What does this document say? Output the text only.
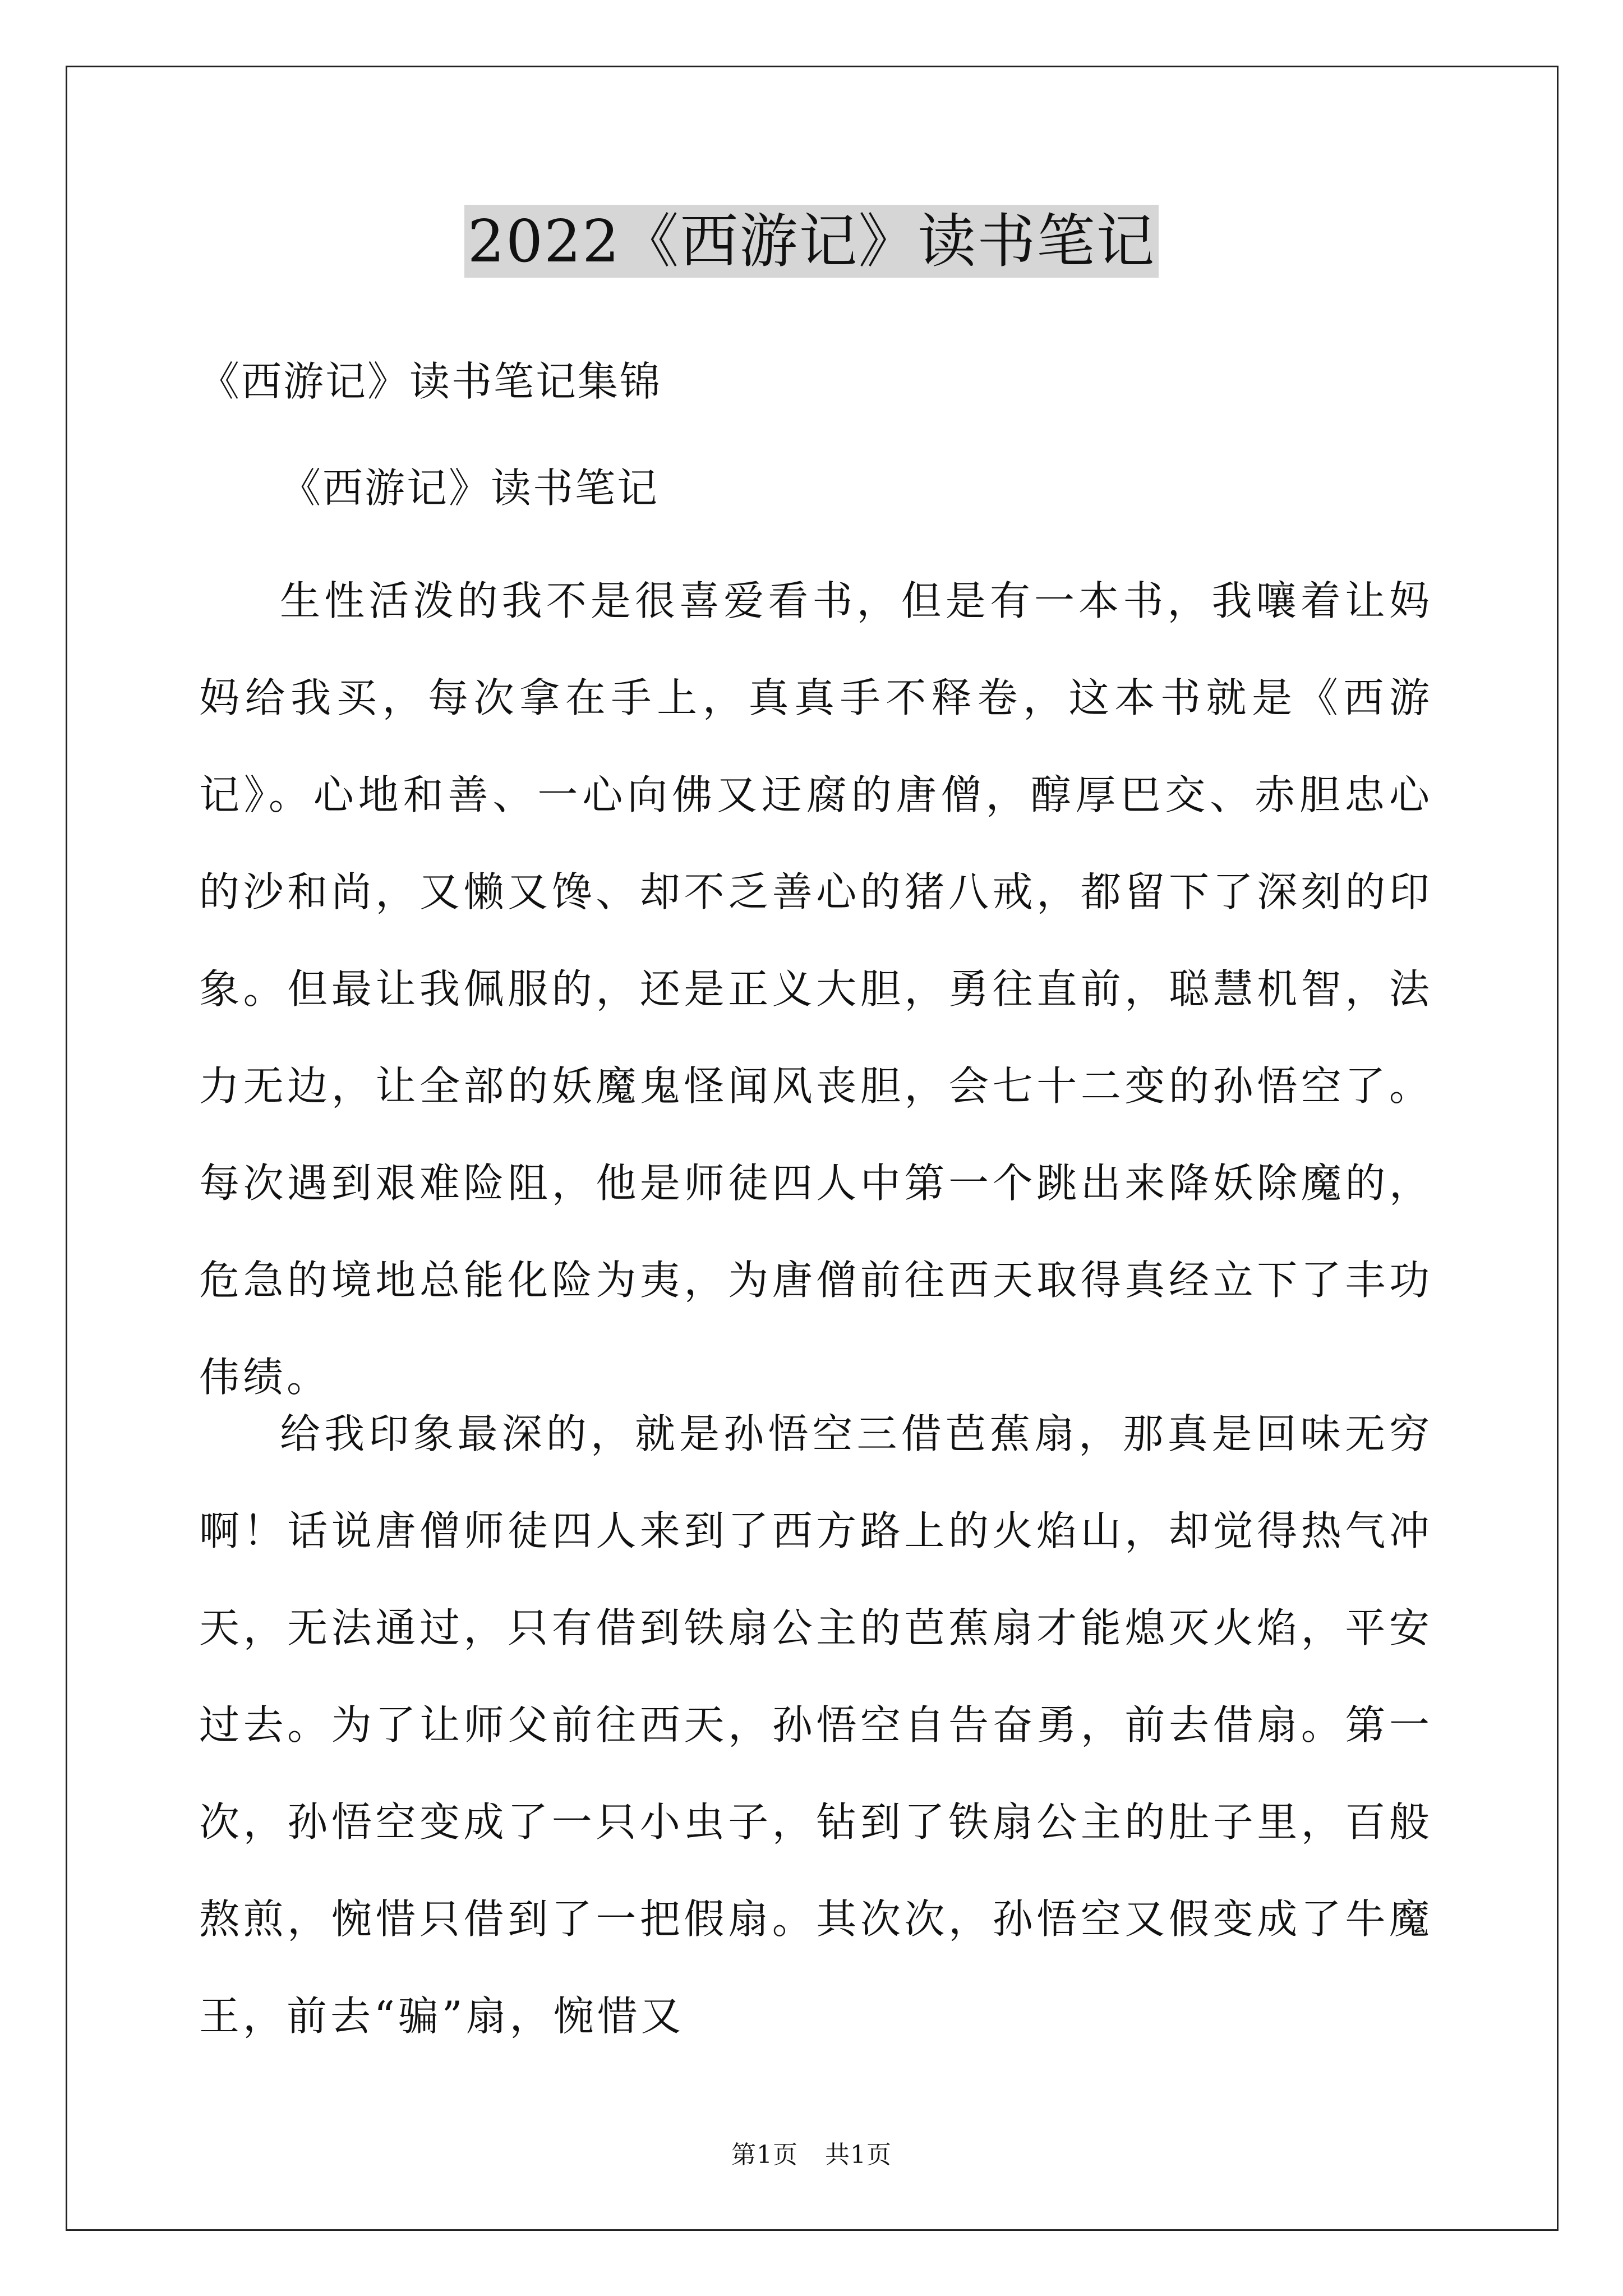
2022《西游记》读书笔记
《西游记》读书笔记集锦
《西游记》读书笔记

生性活泼的我不是很喜爱看书，但是有一本书，我嚷着让妈妈给我买，每次拿在手上，真真手不释卷，这本书就是《西游记》。心地和善、一心向佛又迂腐的唐僧，醇厚巴交、赤胆忠心的沙和尚，又懒又馋、却不乏善心的猪八戒，都留下了深刻的印象。但最让我佩服的，还是正义大胆，勇往直前，聪慧机智，法力无边，让全部的妖魔鬼怪闻风丧胆，会七十二变的孙悟空了。每次遇到艰难险阻，他是师徒四人中第一个跳出来降妖除魔的，危急的境地总能化险为夷，为唐僧前往西天取得真经立下了丰功伟绩。

给我印象最深的，就是孙悟空三借芭蕉扇，那真是回味无穷啊！话说唐僧师徒四人来到了西方路上的火焰山，却觉得热气冲天，无法通过，只有借到铁扇公主的芭蕉扇才能熄灭火焰，平安过去。为了让师父前往西天，孙悟空自告奋勇，前去借扇。第一次，孙悟空变成了一只小虫子，钻到了铁扇公主的肚子里，百般熬煎，惋惜只借到了一把假扇。其次次，孙悟空又假变成了牛魔王，前去“骗”扇，惋惜又

第1页 共1页
